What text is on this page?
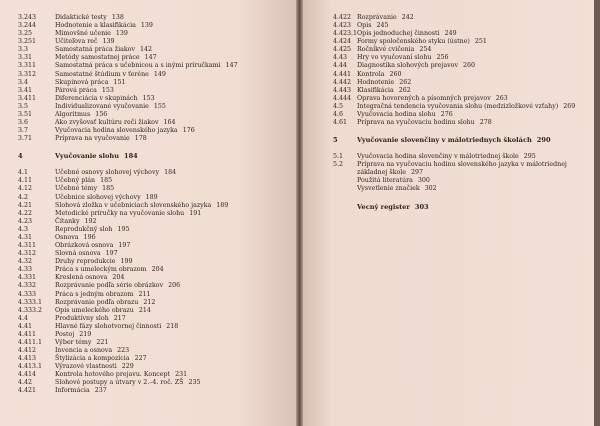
3.243	Didaktické testy 138
3.244	Hodnotenie a klasifikácia 139
3.25	Mimovšné učenie 139
3.251	Učiteľova reč 139
3.3	Samostatná práca žiakov 142
3.31	Metódy samostatnej práce 147
3.311	Samostatná práca s učebnicou a s inými príručkami 147
3.312	Samostatné štúdium v ťeréne 149
3.4	Skupinová práca 151
3.41	Párová práca 153
3.411	Diferenciácia v skupinách 153
3.5	Individualizované vyučovanie 155
3.51	Algoritmus 156
3.6	Ako zvyšovať kultúru reči žiakov 164
3.7	Vyučovacia hodina slovenského jazyka 176
3.71	Príprava na vyučovanie 178
4	Vyučovanie slohu 184
4.1	Učebné osnovy slohovej výchovy 184
4.11	Učebný plán 185
4.12	Učebné témy 185
4.2	Učebnice slohovej výchovy 189
4.21	Slohová zložka v učebniciach slovenského jazyka 189
4.22	Metodické príručky na vyučovanie slohu 191
4.23	Čítanky 192
4.3	Reprodukčný sloh 195
4.31	Osnova 196
4.311	Obrázková osnova 197
4.312	Slovná osnova 197
4.32	Druhy reprodukcie 199
4.33	Práca s umeleckým obrazom 204
4.331	Kreslená osnova 204
4.332	Rozprávanie podľa série obrázkov 206
4.333	Práca s jedným obrazom 211
4.333.1	Rozprávanie podľa obrazu 212
4.333.2	Opis umeleckého obrazu 214
4.4	Produktívny sloh 217
4.41	Hlavné fázy slohotvornej činnosti 218
4.411	Postoj 219
4.411.1	Výber témy 221
4.412	Invencia a osnova 223
4.413	Štylizácia a kompozícia 227
4.413.1	Výrazové vlastnosti 229
4.414	Kontrola hotového prejavu. Koncept 231
4.42	Slohové postupy a útvary v 2.–4. roč. ZŠ 235
4.421	Informácia 237
4.422 Rozprávanie 242
4.423 Opis 245
4.423.1 Opis jednoduchej činnosti 249
4.424 Formy spoločenského styku (ústne) 251
4.425 Ročníkvé cvičenia 254
4.43	Hry vo vyučovaní slohu 256
4.44	Diagnostika slohových prejavov 260
4.441 Kontrola 260
4.442 Hodnotenie 262
4.443 Klasifikácia 262
4.444 Oprava hovorených a písomných prejavov 263
4.5	Integračná tendencia vyučovania slohu (medzizložkové vzťahy) 269
4.6	Vyučovacia hodina slohu 276
4.61	Príprava na vyučovaciu hodinu slohu 278
5	Vyučovanie slovenčiny v málotriednych školách 290
5.1	Vyučovacia hodina slovenčiny v málotriednej škole 295
5.2	Príprava na vyučovaciu hodinu slovenského jazyka v málotriednej
základnej škole 297
Použitá literatúra 300
Vysvetlenie značiek 302
Vecný register 303
